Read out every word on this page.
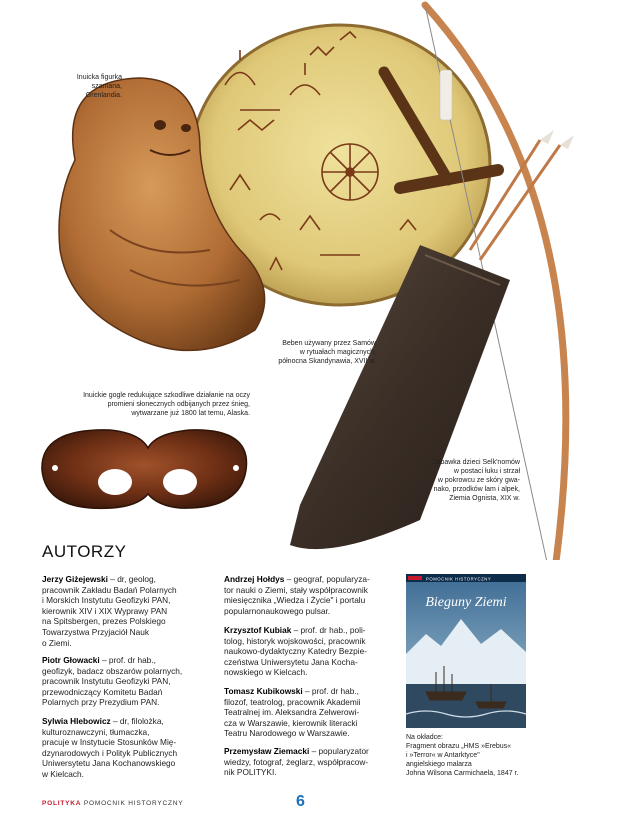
Inuicka figurka
szamana,
Grenlandia.
Beben używany przez Samów
w rytuałach magicznych,
północna Skandynawia, XVII w.
Inuickie gogle redukujące szkodliwe działanie na oczy
promieni słonecznych odbijanych przez śnieg,
wytwarzane już 1800 lat temu, Alaska.
Zabawka dzieci Selk'nomów
w postaci łuku i strzał
w pokrowcu ze skóry gwa-
nako, przodków lam i alpek,
Ziemia Ognista, XIX w.
AUTORZY
Jerzy Giżejewski – dr, geolog,
pracownik Zakładu Badań Polarnych
i Morskich Instytutu Geofizyki PAN,
kierownik XIV i XIX Wyprawy PAN
na Spitsbergen, prezes Polskiego
Towarzystwa Przyjaciół Nauk
o Ziemi.
Piotr Głowacki – prof. dr hab.,
geofizyk, badacz obszarów polarnych,
pracownik Instytutu Geofizyki PAN,
przewodniczący Komitetu Badań
Polarnych przy Prezydium PAN.
Sylwia Hlebowicz – dr, filolożka,
kulturoznawczyni, tłumaczka,
pracuje w Instytucie Stosunków Mię-
dzynarodowych i Polityk Publicznych
Uniwersytetu Jana Kochanowskiego
w Kielcach.
Andrzej Hołdys – geograf, popularyza-
tor nauki o Ziemi, stały współpracownik
miesięcznika „Wiedza i Życie" i portalu
popularnonaukowego pulsar.
Krzysztof Kubiak – prof. dr hab., poli-
tolog, historyk wojskowości, pracownik
naukowo-dydaktyczny Katedry Bezpie-
czeństwa Uniwersytetu Jana Kocha-
nowskiego w Kielcach.
Tomasz Kubikowski – prof. dr hab.,
filozof, teatrolog, pracownik Akademii
Teatralnej im. Aleksandra Zelwerowi-
cza w Warszawie, kierownik literacki
Teatru Narodowego w Warszawie.
Przemysław Ziemacki – popularyzator
wiedzy, fotograf, żeglarz, współpracow-
nik POLITYKI.
POMOCNIK HISTORYCZNY
Bieguny Ziemi
Na okładce:
Fragment obrazu „HMS »Erebus«
i »Terror« w Antarktyce"
angielskiego malarza
Johna Wilsona Carmichaela, 1847 r.
POLITYKA POMOCNIK HISTORYCZNY	6
